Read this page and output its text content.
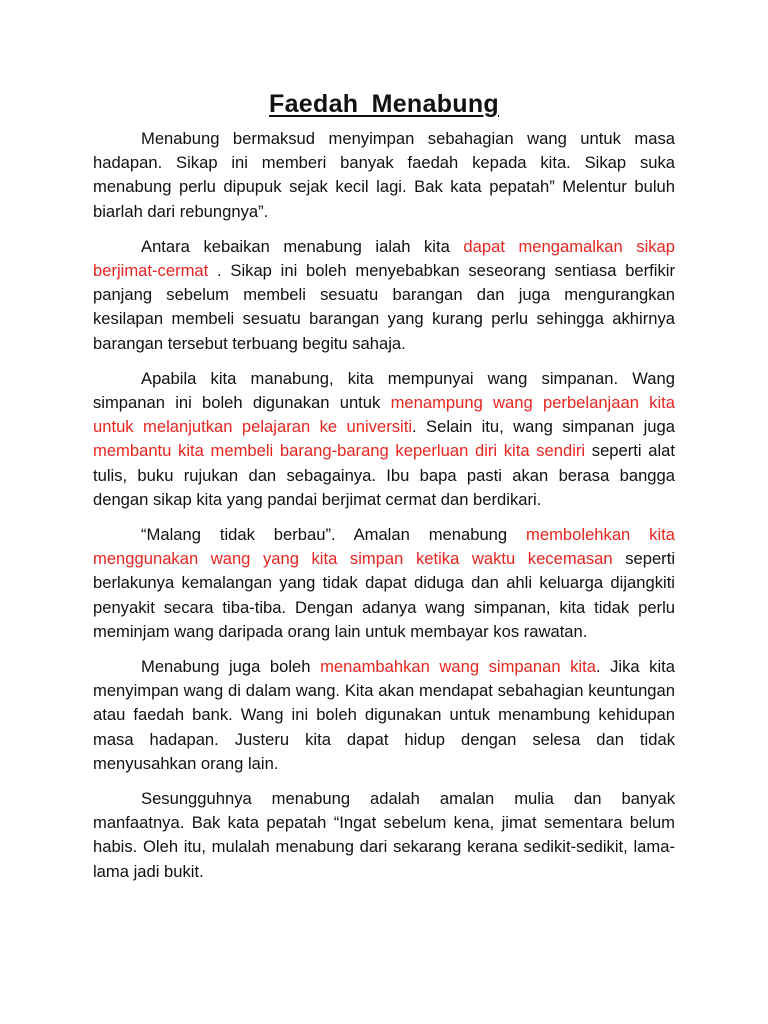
Faedah Menabung

Menabung bermaksud menyimpan sebahagian wang untuk masa hadapan. Sikap ini memberi banyak faedah kepada kita. Sikap suka menabung perlu dipupuk sejak kecil lagi. Bak kata pepatah” Melentur buluh biarlah dari rebungnya”.

Antara kebaikan menabung ialah kita dapat mengamalkan sikap berjimat-cermat . Sikap ini boleh menyebabkan seseorang sentiasa berfikir panjang sebelum membeli sesuatu barangan dan juga mengurangkan kesilapan membeli sesuatu barangan yang kurang perlu sehingga akhirnya barangan tersebut terbuang begitu sahaja.

Apabila kita manabung, kita mempunyai wang simpanan. Wang simpanan ini boleh digunakan untuk menampung wang perbelanjaan kita untuk melanjutkan pelajaran ke universiti. Selain itu, wang simpanan juga membantu kita membeli barang-barang keperluan diri kita sendiri seperti alat tulis, buku rujukan dan sebagainya. Ibu bapa pasti akan berasa bangga dengan sikap kita yang pandai berjimat cermat dan berdikari.

“Malang tidak berbau”. Amalan menabung membolehkan kita menggunakan wang yang kita simpan ketika waktu kecemasan seperti berlakunya kemalangan yang tidak dapat diduga dan ahli keluarga dijangkiti penyakit secara tiba-tiba. Dengan adanya wang simpanan, kita tidak perlu meminjam wang daripada orang lain untuk membayar kos rawatan.

Menabung juga boleh menambahkan wang simpanan kita. Jika kita menyimpan wang di dalam wang. Kita akan mendapat sebahagian keuntungan atau faedah bank. Wang ini boleh digunakan untuk menambung kehidupan masa hadapan. Justeru kita dapat hidup dengan selesa dan tidak menyusahkan orang lain.

Sesungguhnya menabung adalah amalan mulia dan banyak manfaatnya. Bak kata pepatah “Ingat sebelum kena, jimat sementara belum habis. Oleh itu, mulalah menabung dari sekarang kerana sedikit-sedikit, lama-lama jadi bukit.
